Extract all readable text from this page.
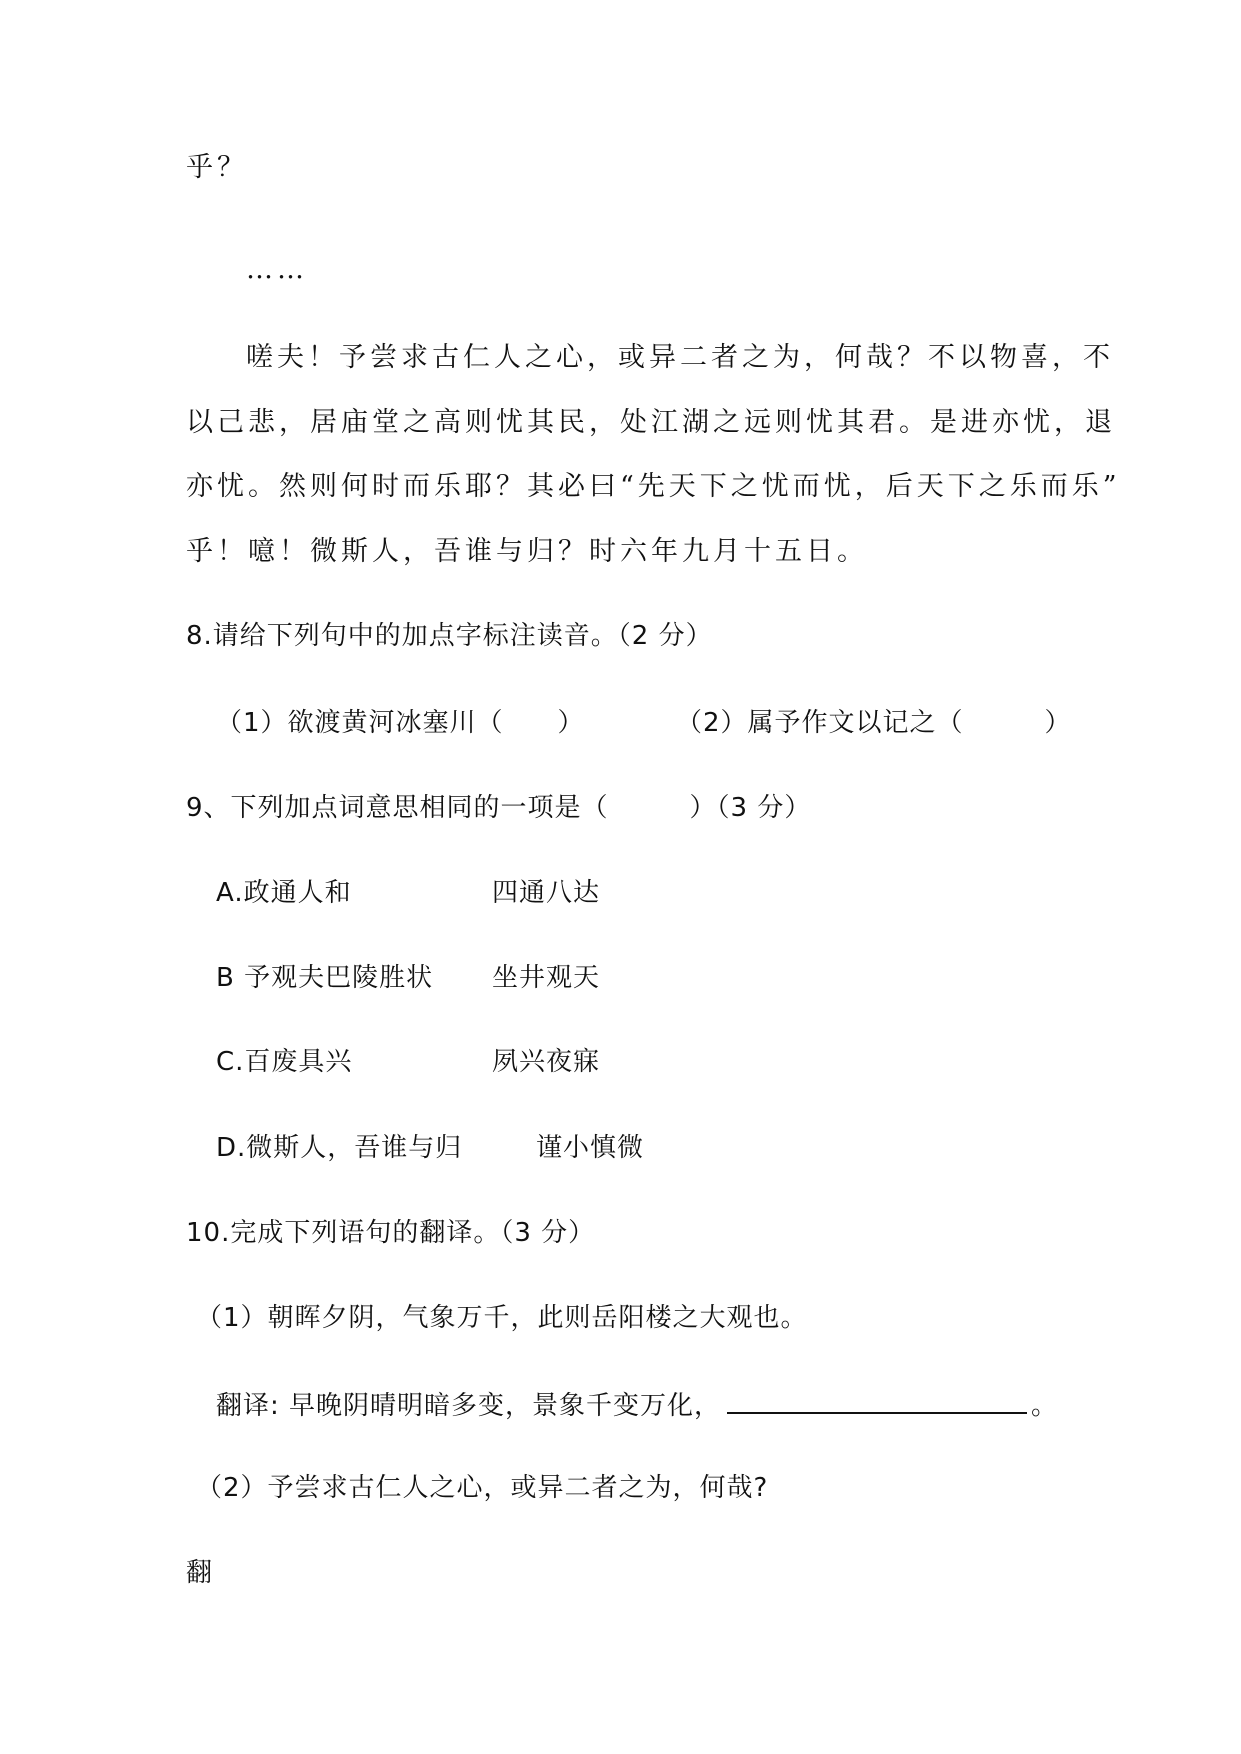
乎？
……
嗟夫！予尝求古仁人之心，或异二者之为，何哉？不以物喜，不
以己悲，居庙堂之高则忧其民，处江湖之远则忧其君。是进亦忧，退
亦忧。然则何时而乐耶？其必曰“先天下之忧而忧，后天下之乐而乐”
乎！噫！微斯人，吾谁与归？时六年九月十五日。
8.请给下列句中的加点字标注读音。（2 分）
（1）欲渡黄河冰塞川（　　）	（2）属予作文以记之（　　　）
9、下列加点词意思相同的一项是（　　　）（3 分）
A.政通人和	四通八达
B 予观夫巴陵胜状 坐井观天
C.百废具兴	夙兴夜寐
D.微斯人，吾谁与归	谨小慎微
10.完成下列语句的翻译。（3 分）
（1）朝晖夕阴，气象万千，此则岳阳楼之大观也。
翻译: 早晚阴晴明暗多变，景象千变万化，	。
（2）予尝求古仁人之心，或异二者之为，何哉?
翻
